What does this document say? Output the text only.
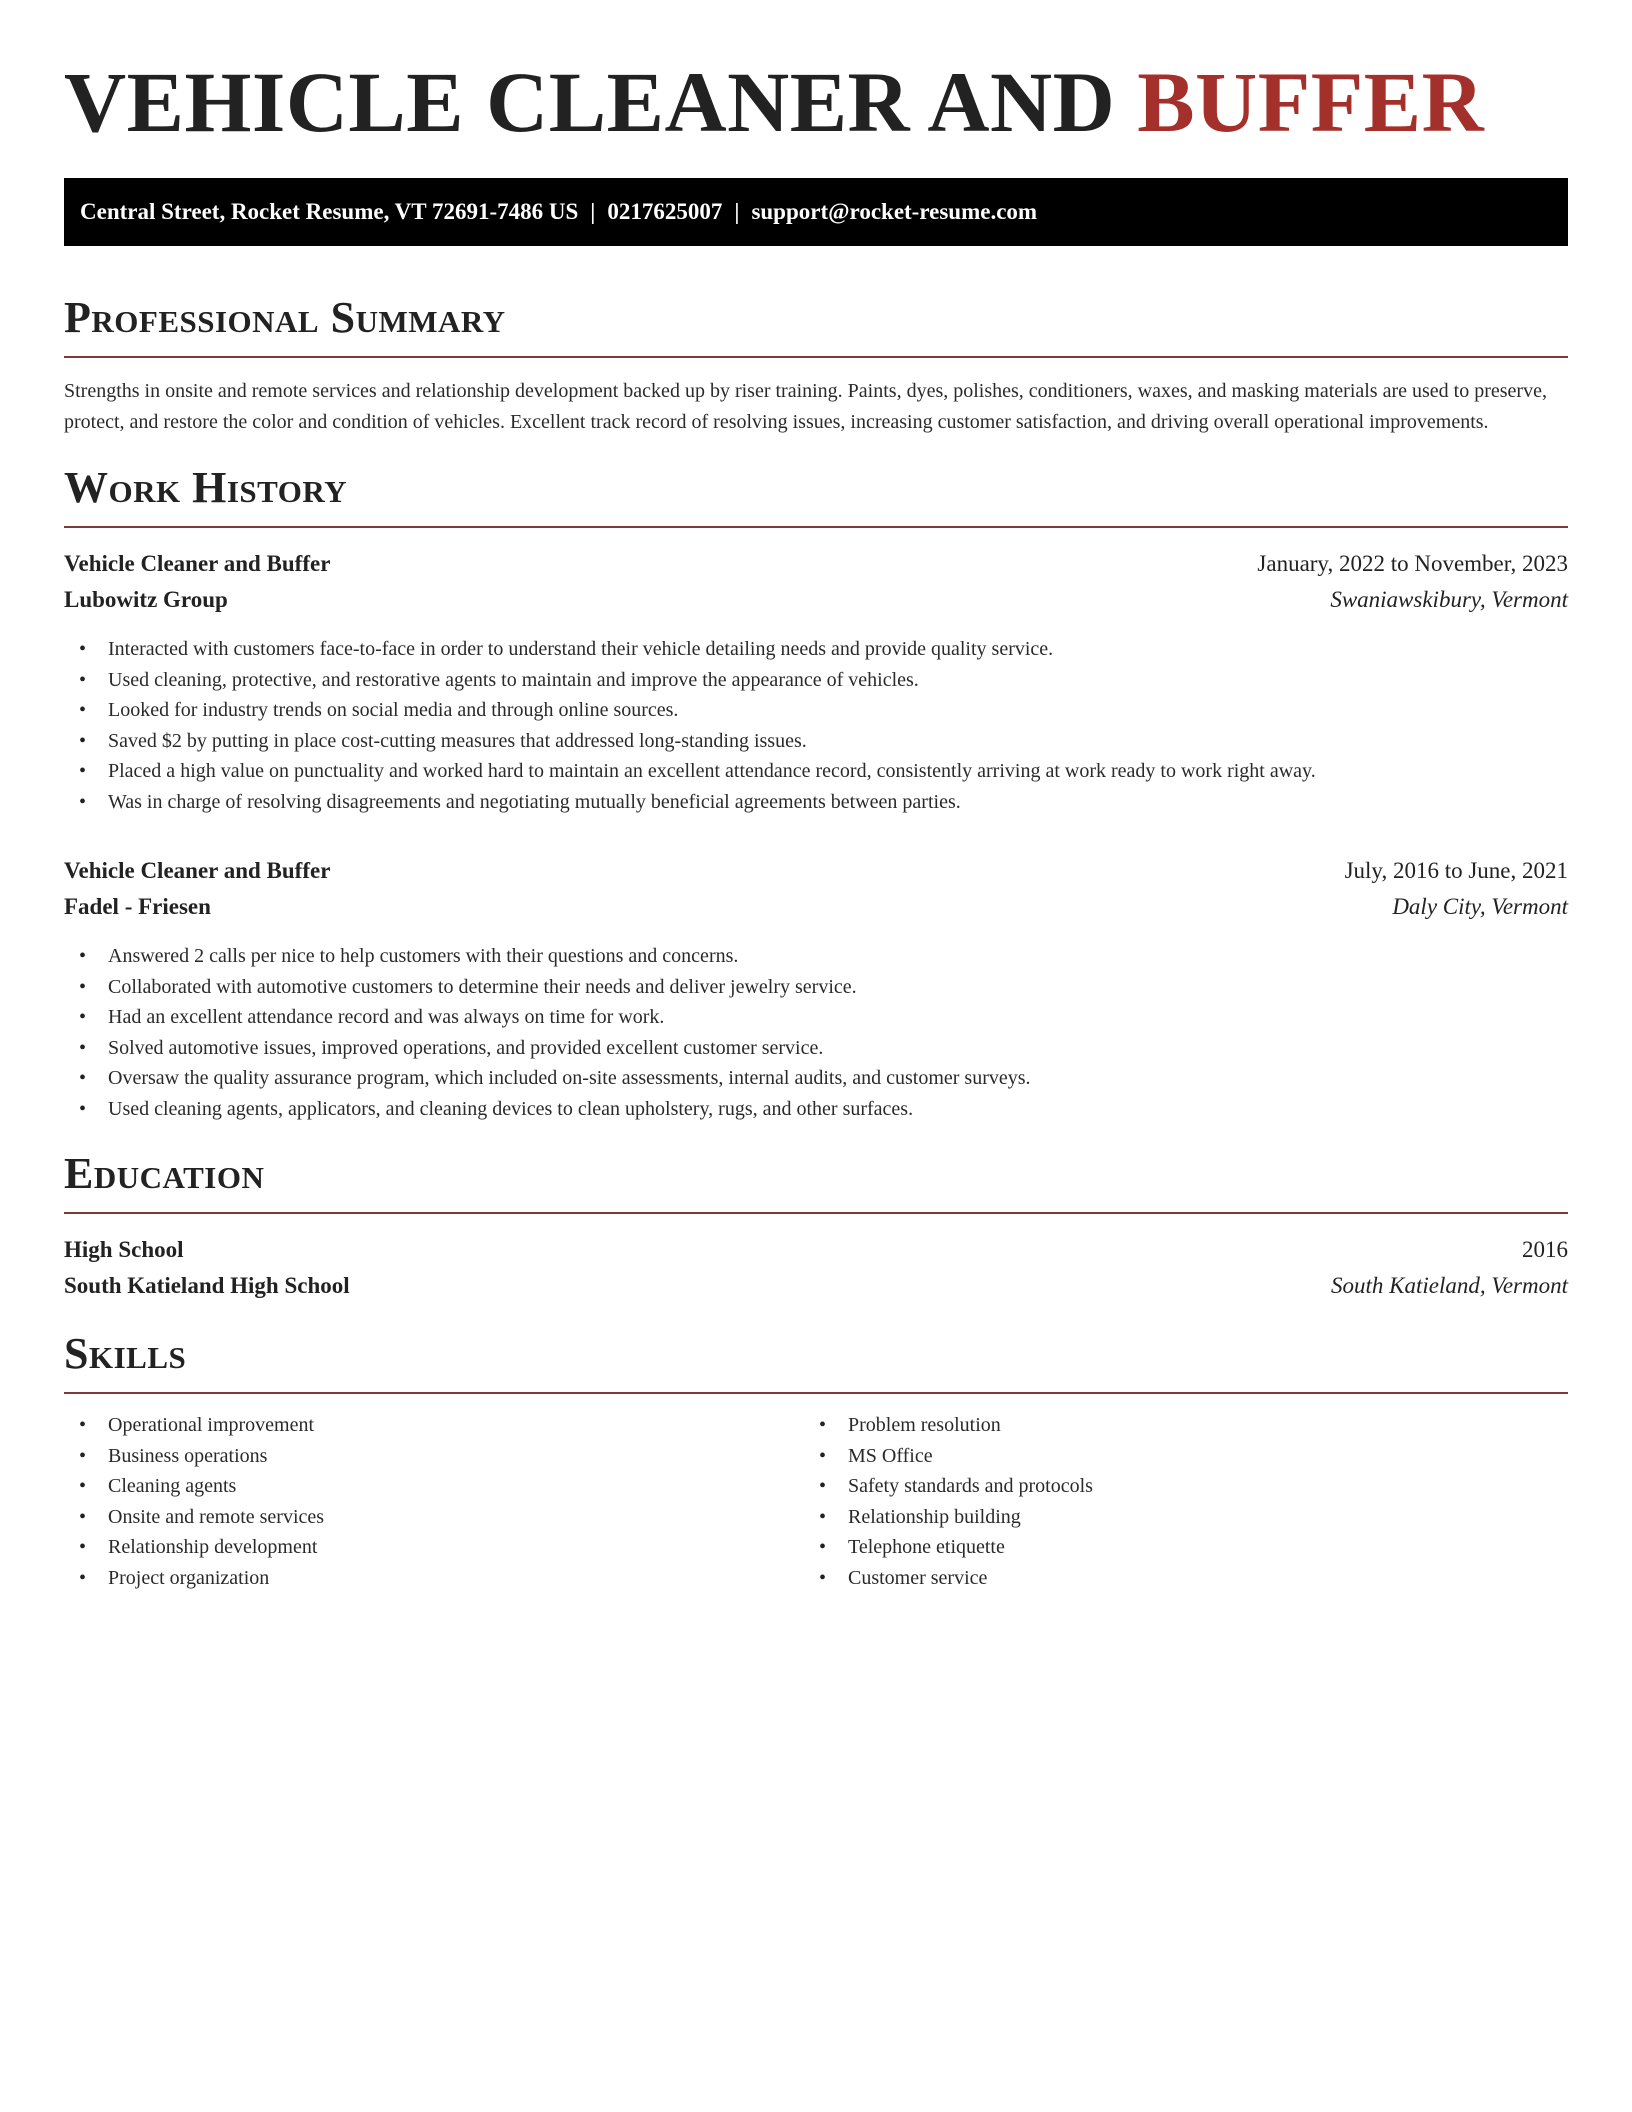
VEHICLE CLEANER AND BUFFER
Central Street, Rocket Resume, VT 72691-7486 US | 0217625007 | support@rocket-resume.com
Professional Summary

Strengths in onsite and remote services and relationship development backed up by riser training. Paints, dyes, polishes, conditioners, waxes, and masking materials are used to preserve, protect, and restore the color and condition of vehicles. Excellent track record of resolving issues, increasing customer satisfaction, and driving overall operational improvements.

Work History
Vehicle Cleaner and Buffer	January, 2022 to November, 2023
Lubowitz Group	Swaniawskibury, Vermont
• Interacted with customers face-to-face in order to understand their vehicle detailing needs and provide quality service.
• Used cleaning, protective, and restorative agents to maintain and improve the appearance of vehicles.
• Looked for industry trends on social media and through online sources.
• Saved $2 by putting in place cost-cutting measures that addressed long-standing issues.
• Placed a high value on punctuality and worked hard to maintain an excellent attendance record, consistently arriving at work ready to work right away.
• Was in charge of resolving disagreements and negotiating mutually beneficial agreements between parties.
Vehicle Cleaner and Buffer	July, 2016 to June, 2021
Fadel - Friesen	Daly City, Vermont
• Answered 2 calls per nice to help customers with their questions and concerns.
• Collaborated with automotive customers to determine their needs and deliver jewelry service.
• Had an excellent attendance record and was always on time for work.
• Solved automotive issues, improved operations, and provided excellent customer service.
• Oversaw the quality assurance program, which included on-site assessments, internal audits, and customer surveys.
• Used cleaning agents, applicators, and cleaning devices to clean upholstery, rugs, and other surfaces.
Education
High School	2016
South Katieland High School	South Katieland, Vermont
Skills
• Operational improvement
• Business operations
• Cleaning agents
• Onsite and remote services
• Relationship development
• Project organization
• Problem resolution
• MS Office
• Safety standards and protocols
• Relationship building
• Telephone etiquette
• Customer service
